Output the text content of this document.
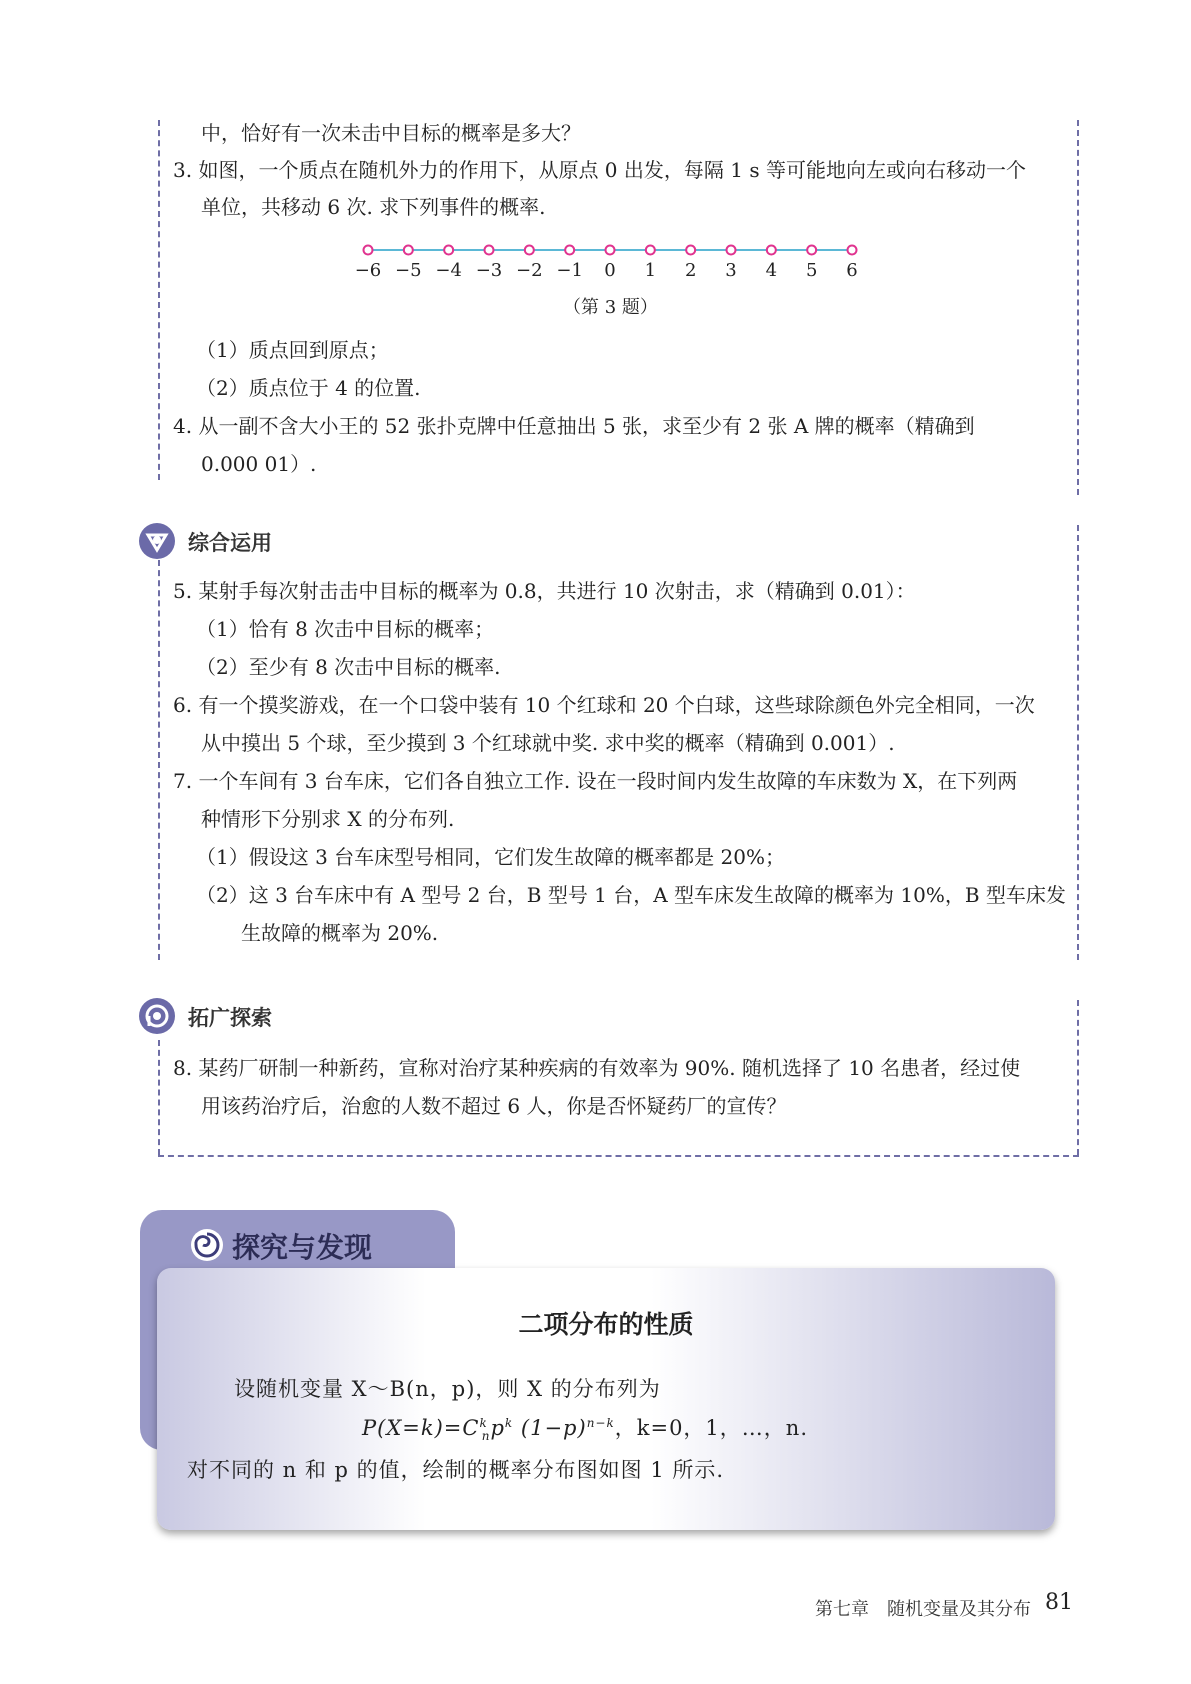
中，恰好有一次未击中目标的概率是多大？
3. 如图，一个质点在随机外力的作用下，从原点 0 出发，每隔 1 s 等可能地向左或向右移动一个
单位，共移动 6 次. 求下列事件的概率.
−6 −5 −4 −3 −2 −1 0 1 2 3 4 5 6
（第 3 题）
（1）质点回到原点；
（2）质点位于 4 的位置.
4. 从一副不含大小王的 52 张扑克牌中任意抽出 5 张，求至少有 2 张 A 牌的概率（精确到
0.000 01）.
综合运用
5. 某射手每次射击击中目标的概率为 0.8，共进行 10 次射击，求（精确到 0.01）：
（1）恰有 8 次击中目标的概率；
（2）至少有 8 次击中目标的概率.
6. 有一个摸奖游戏，在一个口袋中装有 10 个红球和 20 个白球，这些球除颜色外完全相同，一次
从中摸出 5 个球，至少摸到 3 个红球就中奖. 求中奖的概率（精确到 0.001）.
7. 一个车间有 3 台车床，它们各自独立工作. 设在一段时间内发生故障的车床数为 X，在下列两
种情形下分别求 X 的分布列.
（1）假设这 3 台车床型号相同，它们发生故障的概率都是 20%；
（2）这 3 台车床中有 A 型号 2 台，B 型号 1 台，A 型车床发生故障的概率为 10%，B 型车床发
生故障的概率为 20%.
拓广探索
8. 某药厂研制一种新药，宣称对治疗某种疾病的有效率为 90%. 随机选择了 10 名患者，经过使
用该药治疗后，治愈的人数不超过 6 人，你是否怀疑药厂的宣传？
探究与发现
二项分布的性质
设随机变量 X～B(n，p)，则 X 的分布列为
$P(X=k)=C^k_np^k$ $(1-p)^{n-k}$，k=0，1，…，n.
对不同的 n 和 p 的值，绘制的概率分布图如图 1 所示.
第七章　随机变量及其分布 81
